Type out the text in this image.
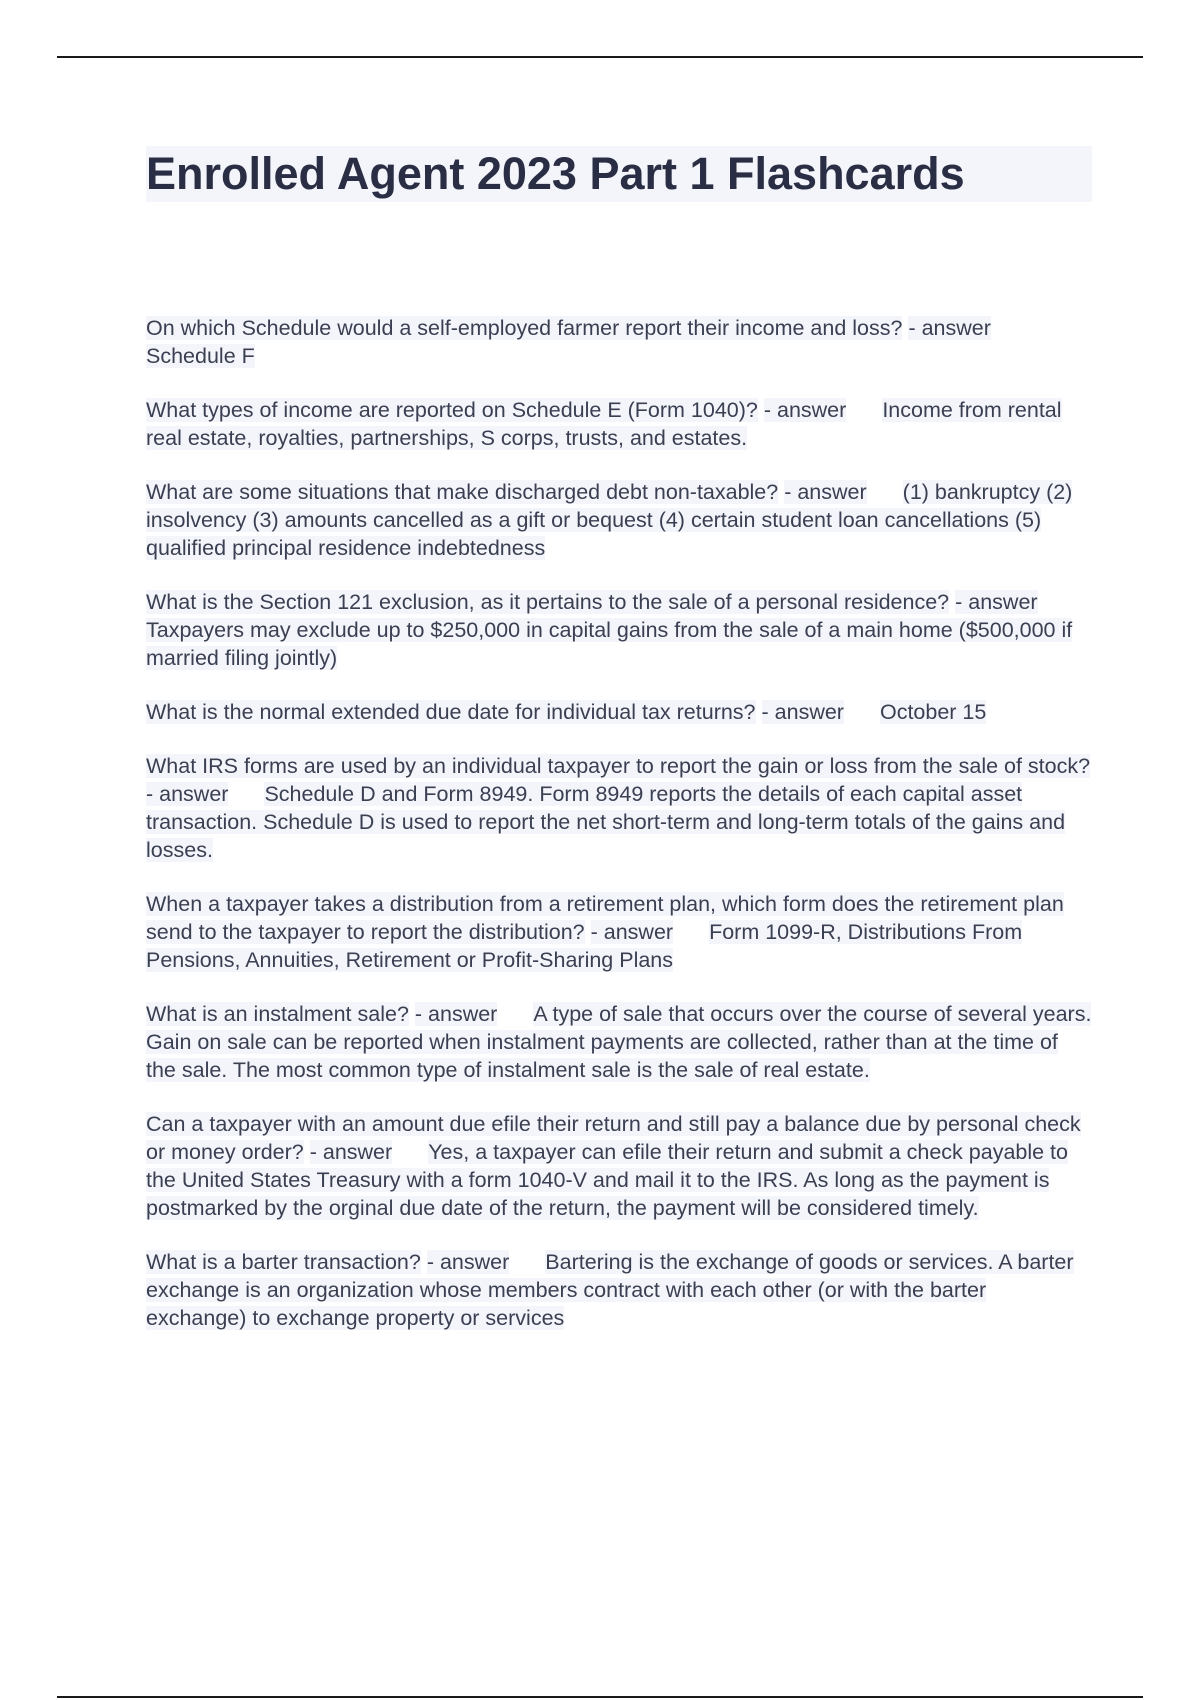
Enrolled Agent 2023 Part 1 Flashcards

On which Schedule would a self-employed farmer report their income and loss? - answerSchedule F

What types of income are reported on Schedule E (Form 1040)? - answer Income from rental real estate, royalties, partnerships, S corps, trusts, and estates.

What are some situations that make discharged debt non-taxable? - answer (1) bankruptcy (2) insolvency (3) amounts cancelled as a gift or bequest (4) certain student loan cancellations (5) qualified principal residence indebtedness

What is the Section 121 exclusion, as it pertains to the sale of a personal residence? - answerTaxpayers may exclude up to $250,000 in capital gains from the sale of a main home ($500,000 if married filing jointly)

What is the normal extended due date for individual tax returns? - answer October 15

What IRS forms are used by an individual taxpayer to report the gain or loss from the sale of stock? - answer Schedule D and Form 8949. Form 8949 reports the details of each capital asset transaction. Schedule D is used to report the net short-term and long-term totals of the gains and losses.

When a taxpayer takes a distribution from a retirement plan, which form does the retirement plan send to the taxpayer to report the distribution? - answer Form 1099-R, Distributions From Pensions, Annuities, Retirement or Profit-Sharing Plans

What is an instalment sale? - answer A type of sale that occurs over the course of several years. Gain on sale can be reported when instalment payments are collected, rather than at the time of the sale. The most common type of instalment sale is the sale of real estate.

Can a taxpayer with an amount due efile their return and still pay a balance due by personal check or money order? - answer Yes, a taxpayer can efile their return and submit a check payable to the United States Treasury with a form 1040-V and mail it to the IRS. As long as the payment is postmarked by the orginal due date of the return, the payment will be considered timely.

What is a barter transaction? - answer Bartering is the exchange of goods or services. A barter exchange is an organization whose members contract with each other (or with the barter exchange) to exchange property or services
